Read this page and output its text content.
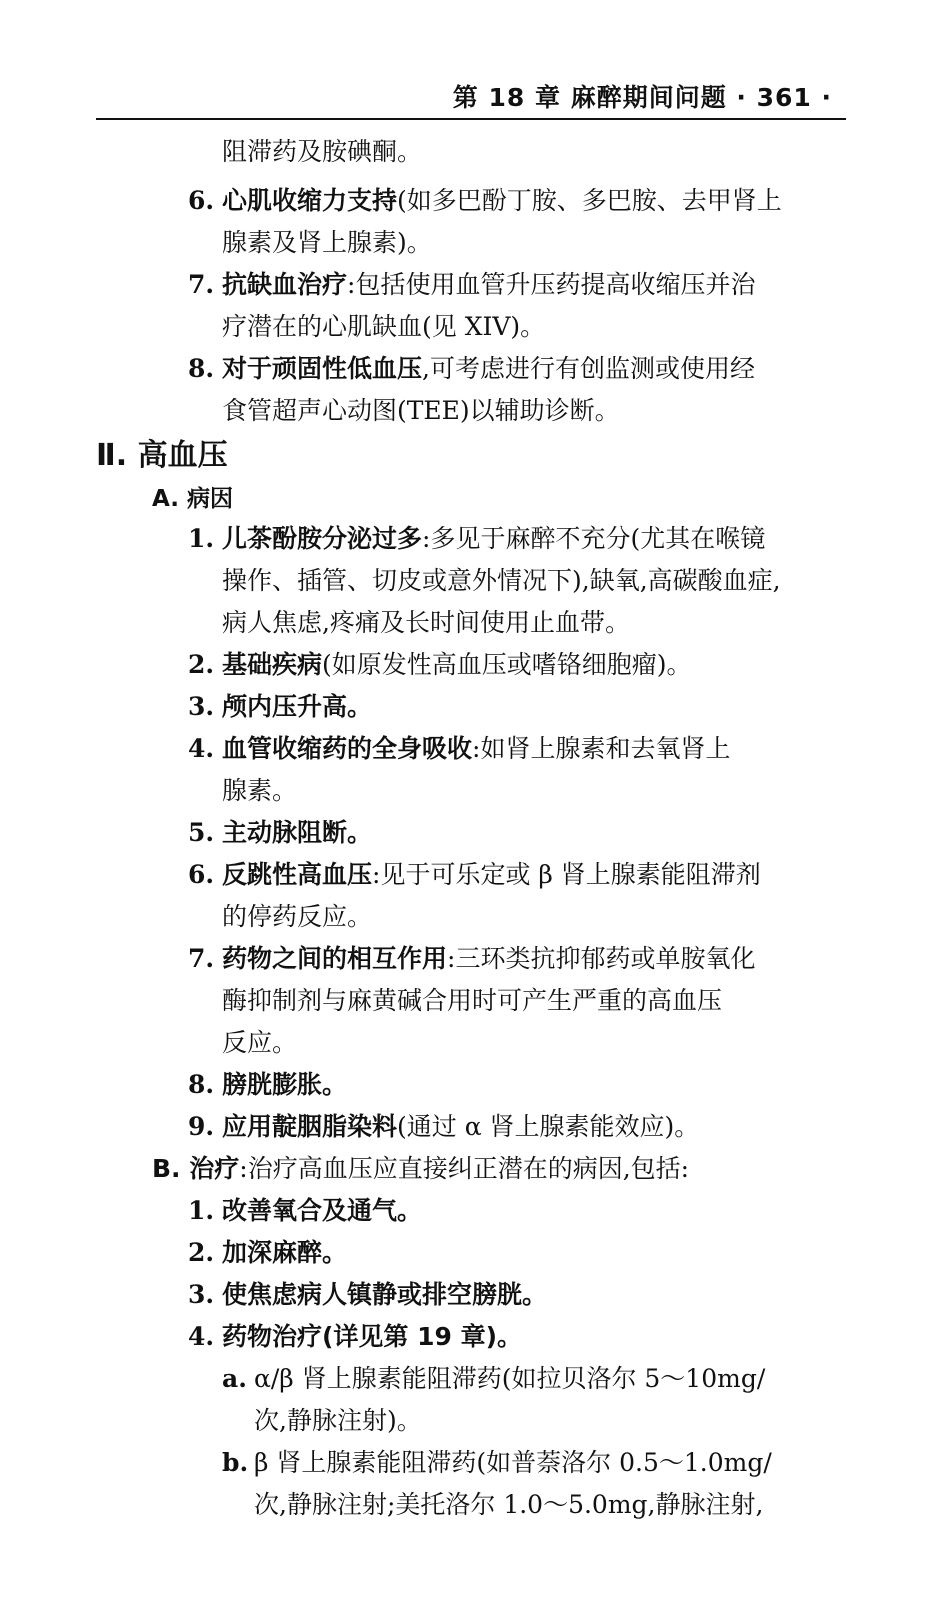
第 18 章 麻醉期间问题 · 361 ·
阻滞药及胺碘酮。
6. 心肌收缩力支持(如多巴酚丁胺、多巴胺、去甲肾上
腺素及肾上腺素)。
7. 抗缺血治疗:包括使用血管升压药提高收缩压并治
疗潜在的心肌缺血(见 XIV)。
8. 对于顽固性低血压,可考虑进行有创监测或使用经
食管超声心动图(TEE)以辅助诊断。
Ⅱ. 高血压
A. 病因
1. 儿茶酚胺分泌过多:多见于麻醉不充分(尤其在喉镜
操作、插管、切皮或意外情况下),缺氧,高碳酸血症,
病人焦虑,疼痛及长时间使用止血带。
2. 基础疾病(如原发性高血压或嗜铬细胞瘤)。
3. 颅内压升高。
4. 血管收缩药的全身吸收:如肾上腺素和去氧肾上
腺素。
5. 主动脉阻断。
6. 反跳性高血压:见于可乐定或 β 肾上腺素能阻滞剂
的停药反应。
7. 药物之间的相互作用:三环类抗抑郁药或单胺氧化
酶抑制剂与麻黄碱合用时可产生严重的高血压
反应。
8. 膀胱膨胀。
9. 应用靛胭脂染料(通过 α 肾上腺素能效应)。
B. 治疗:治疗高血压应直接纠正潜在的病因,包括:
1. 改善氧合及通气。
2. 加深麻醉。
3. 使焦虑病人镇静或排空膀胱。
4. 药物治疗(详见第 19 章)。
a. α/β 肾上腺素能阻滞药(如拉贝洛尔 5～10mg/
次,静脉注射)。
b. β 肾上腺素能阻滞药(如普萘洛尔 0.5～1.0mg/
次,静脉注射;美托洛尔 1.0～5.0mg,静脉注射,
